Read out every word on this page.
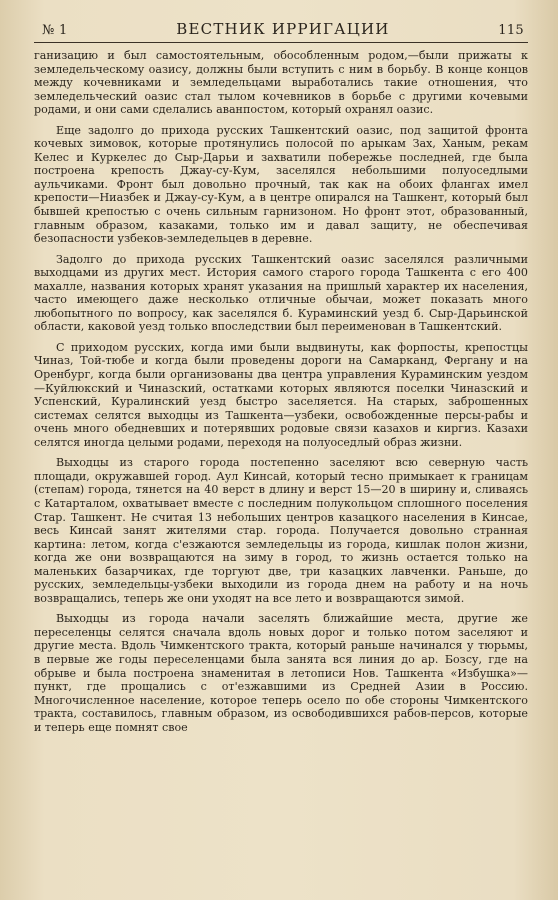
№ 1	ВЕСТНИК ИРРИГАЦИИ	115

ганизацию и был самостоятельным, обособленным родом,—были прижаты к земледельческому оазису, должны были вступить с ним в борьбу. В конце концов между кочевниками и земледельцами выработались такие отношения, что земледельческий оазис стал тылом кочевников в борьбе с другими кочевыми родами, и они сами сделались аванпостом, который охранял оазис.

Еще задолго до прихода русских Ташкентский оазис, под защитой фронта кочевых зимовок, которые протянулись полосой по арыкам Зах, Ханым, рекам Келес и Куркелес до Сыр-Дарьи и захватили побережье последней, где была построена крепость Джау-су-Кум, заселялся небольшими полуоседлыми аульчиками. Фронт был довольно прочный, так как на обоих флангах имел крепости—Ниазбек и Джау-су-Кум, а в центре опирался на Ташкент, который был бывшей крепостью с очень сильным гарнизоном. Но фронт этот, образованный, главным образом, казаками, только им и давал защиту, не обеспечивая безопасности узбеков-земледельцев в деревне.

Задолго до прихода русских Ташкентский оазис заселялся различными выходцами из других мест. История самого старого города Ташкента с его 400 махалле, названия которых хранят указания на пришлый характер их населения, часто имеющего даже несколько отличные обычаи, может показать много любопытного по вопросу, как заселялся б. Кураминский уезд б. Сыр-Дарьинской области, каковой уезд только впоследствии был переименован в Ташкентский.

С приходом русских, когда ими были выдвинуты, как форпосты, крепостцы Чиназ, Той-тюбе и когда были проведены дороги на Самарканд, Фергану и на Оренбург, когда были организованы два центра управления Кураминским уездом—Куйлюкский и Чиназский, остатками которых являются поселки Чиназский и Успенский, Куралинский уезд быстро заселяется. На старых, заброшенных системах селятся выходцы из Ташкента—узбеки, освобожденные персы-рабы и очень много обедневших и потерявших родовые связи казахов и киргиз. Казахи селятся иногда целыми родами, переходя на полуоседлый образ жизни.

Выходцы из старого города постепенно заселяют всю северную часть площади, окружавшей город. Аул Кинсай, который тесно примыкает к границам (степам) города, тянется на 40 верст в длину и верст 15—20 в ширину и, сливаясь с Катарталом, охватывает вместе с последним полукольцом сплошного поселения Стар. Ташкент. Не считая 13 небольших центров казацкого населения в Кинсае, весь Кинсай занят жителями стар. города. Получается довольно странная картина: летом, когда с'езжаются земледельцы из города, кишлак полон жизни, когда же они возвращаются на зиму в город, то жизнь остается только на маленьких базарчиках, где торгуют две, три казацких лавченки. Раньше, до русских, земледельцы-узбеки выходили из города днем на работу и на ночь возвращались, теперь же они уходят на все лето и возвращаются зимой.

Выходцы из города начали заселять ближайшие места, другие же переселенцы селятся сначала вдоль новых дорог и только потом заселяют и другие места. Вдоль Чимкентского тракта, который раньше начинался у тюрьмы, в первые же годы переселенцами была занята вся линия до ар. Бозсу, где на обрыве и была построена знаменитая в летописи Нов. Ташкента «Избушка»—пункт, где прощались с от'езжавшими из Средней Азии в Россию. Многочисленное население, которое теперь осело по обе стороны Чимкентского тракта, составилось, главным образом, из освободившихся рабов-персов, которые и теперь еще помнят свое
